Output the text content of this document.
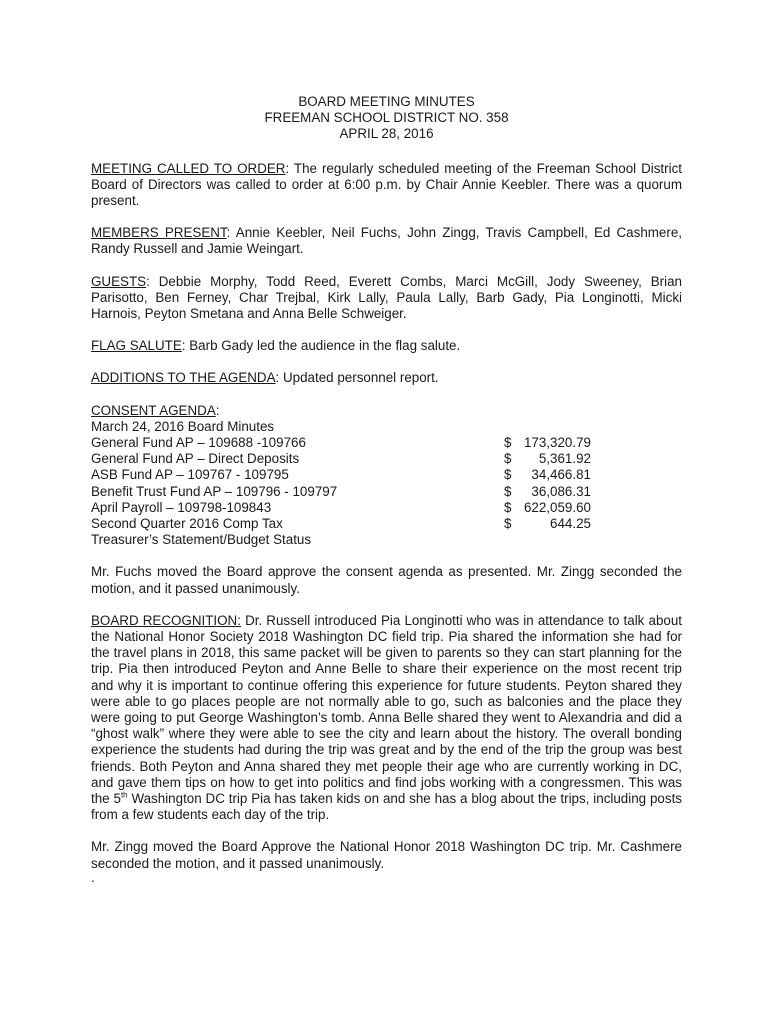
BOARD MEETING MINUTES
FREEMAN SCHOOL DISTRICT NO. 358
APRIL 28, 2016

MEETING CALLED TO ORDER: The regularly scheduled meeting of the Freeman School District Board of Directors was called to order at 6:00 p.m. by Chair Annie Keebler. There was a quorum present.

MEMBERS PRESENT: Annie Keebler, Neil Fuchs, John Zingg, Travis Campbell, Ed Cashmere, Randy Russell and Jamie Weingart.

GUESTS: Debbie Morphy, Todd Reed, Everett Combs, Marci McGill, Jody Sweeney, Brian Parisotto, Ben Ferney, Char Trejbal, Kirk Lally, Paula Lally, Barb Gady, Pia Longinotti, Micki Harnois, Peyton Smetana and Anna Belle Schweiger.

FLAG SALUTE: Barb Gady led the audience in the flag salute.

ADDITIONS TO THE AGENDA: Updated personnel report.

CONSENT AGENDA:
March 24, 2016 Board Minutes
General Fund AP – 109688 -109766	$ 173,320.79
General Fund AP – Direct Deposits	$ 5,361.92
ASB Fund AP – 109767 - 109795	$ 34,466.81
Benefit Trust Fund AP – 109796 - 109797	$ 36,086.31
April Payroll – 109798-109843	$ 622,059.60
Second Quarter 2016 Comp Tax	$	644.25
Treasurer’s Statement/Budget Status

Mr. Fuchs moved the Board approve the consent agenda as presented. Mr. Zingg seconded the motion, and it passed unanimously.

BOARD RECOGNITION: Dr. Russell introduced Pia Longinotti who was in attendance to talk about the National Honor Society 2018 Washington DC field trip. Pia shared the information she had for the travel plans in 2018, this same packet will be given to parents so they can start planning for the trip. Pia then introduced Peyton and Anne Belle to share their experience on the most recent trip and why it is important to continue offering this experience for future students. Peyton shared they were able to go places people are not normally able to go, such as balconies and the place they were going to put George Washington’s tomb. Anna Belle shared they went to Alexandria and did a “ghost walk” where they were able to see the city and learn about the history. The overall bonding experience the students had during the trip was great and by the end of the trip the group was best friends. Both Peyton and Anna shared they met people their age who are currently working in DC, and gave them tips on how to get into politics and find jobs working with a congressmen. This was the 5th Washington DC trip Pia has taken kids on and she has a blog about the trips, including posts from a few students each day of the trip.

Mr. Zingg moved the Board Approve the National Honor 2018 Washington DC trip. Mr. Cashmere seconded the motion, and it passed unanimously.

.
